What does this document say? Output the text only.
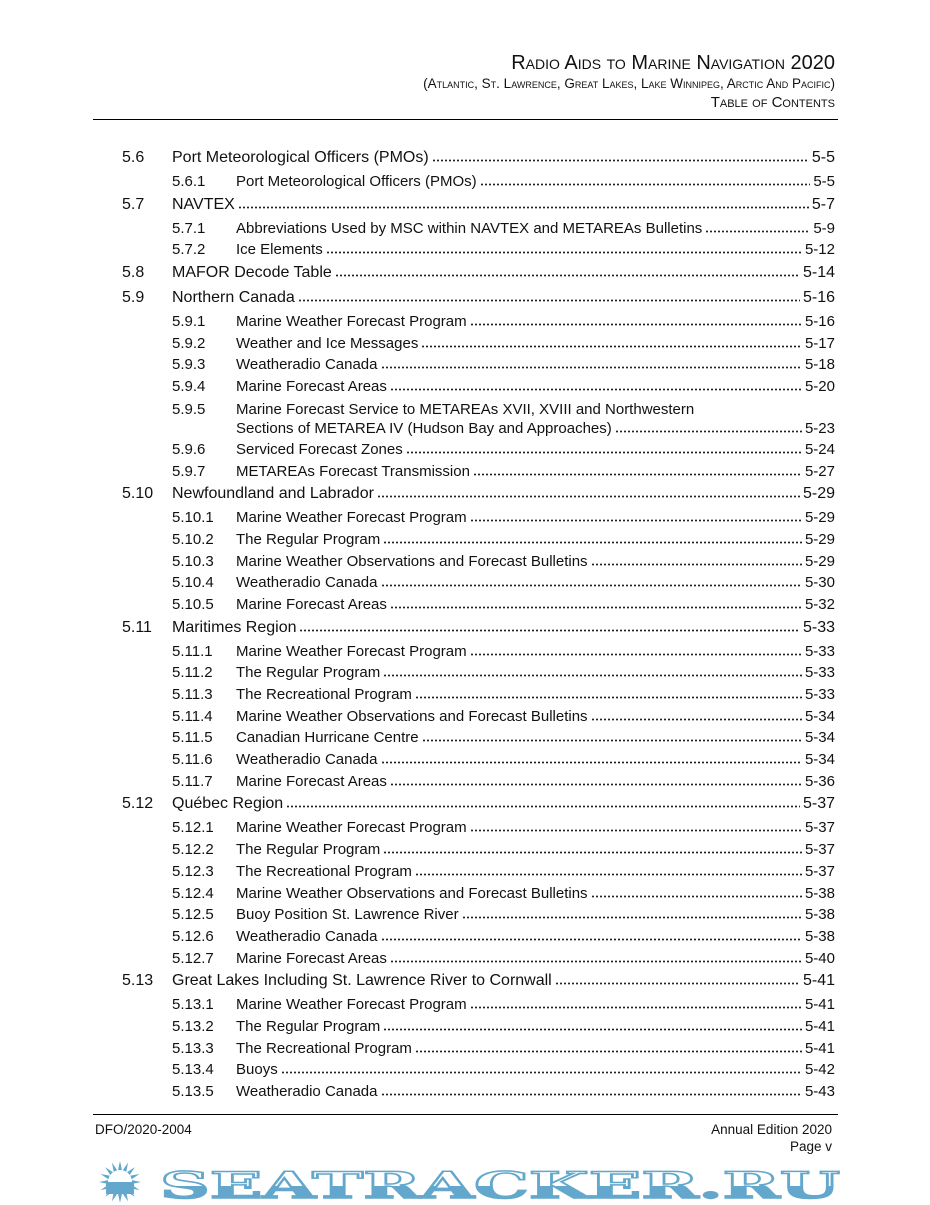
Radio Aids to Marine Navigation 2020
(Atlantic, St. Lawrence, Great Lakes, Lake Winnipeg, Arctic And Pacific)
Table of Contents
5.6	Port Meteorological Officers (PMOs)	5-5
5.6.1	Port Meteorological Officers (PMOs)	5-5
5.7	NAVTEX	5-7
5.7.1	Abbreviations Used by MSC within NAVTEX and METAREAs Bulletins	5-9
5.7.2	Ice Elements	5-12
5.8	MAFOR Decode Table	5-14
5.9	Northern Canada	5-16
5.9.1	Marine Weather Forecast Program	5-16
5.9.2	Weather and Ice Messages	5-17
5.9.3	Weatheradio Canada	5-18
5.9.4	Marine Forecast Areas	5-20
5.9.5	Marine Forecast Service to METAREAs XVII, XVIII and Northwestern
Sections of METAREA IV (Hudson Bay and Approaches)	5-23
5.9.6	Serviced Forecast Zones	5-24
5.9.7	METAREAs Forecast Transmission	5-27
5.10	Newfoundland and Labrador	5-29
5.10.1	Marine Weather Forecast Program	5-29
5.10.2	The Regular Program	5-29
5.10.3	Marine Weather Observations and Forecast Bulletins	5-29
5.10.4	Weatheradio Canada	5-30
5.10.5	Marine Forecast Areas	5-32
5.11	Maritimes Region	5-33
5.11.1	Marine Weather Forecast Program	5-33
5.11.2	The Regular Program	5-33
5.11.3	The Recreational Program	5-33
5.11.4	Marine Weather Observations and Forecast Bulletins	5-34
5.11.5	Canadian Hurricane Centre	5-34
5.11.6	Weatheradio Canada	5-34
5.11.7	Marine Forecast Areas	5-36
5.12	Québec Region	5-37
5.12.1	Marine Weather Forecast Program	5-37
5.12.2	The Regular Program	5-37
5.12.3	The Recreational Program	5-37
5.12.4	Marine Weather Observations and Forecast Bulletins	5-38
5.12.5	Buoy Position St. Lawrence River	5-38
5.12.6	Weatheradio Canada	5-38
5.12.7	Marine Forecast Areas	5-40
5.13	Great Lakes Including St. Lawrence River to Cornwall	5-41
5.13.1	Marine Weather Forecast Program	5-41
5.13.2	The Regular Program	5-41
5.13.3	The Recreational Program	5-41
5.13.4	Buoys	5-42
5.13.5	Weatheradio Canada	5-43
DFO/2020-2004	Annual Edition 2020
Page v
SEATRACKER.RU
